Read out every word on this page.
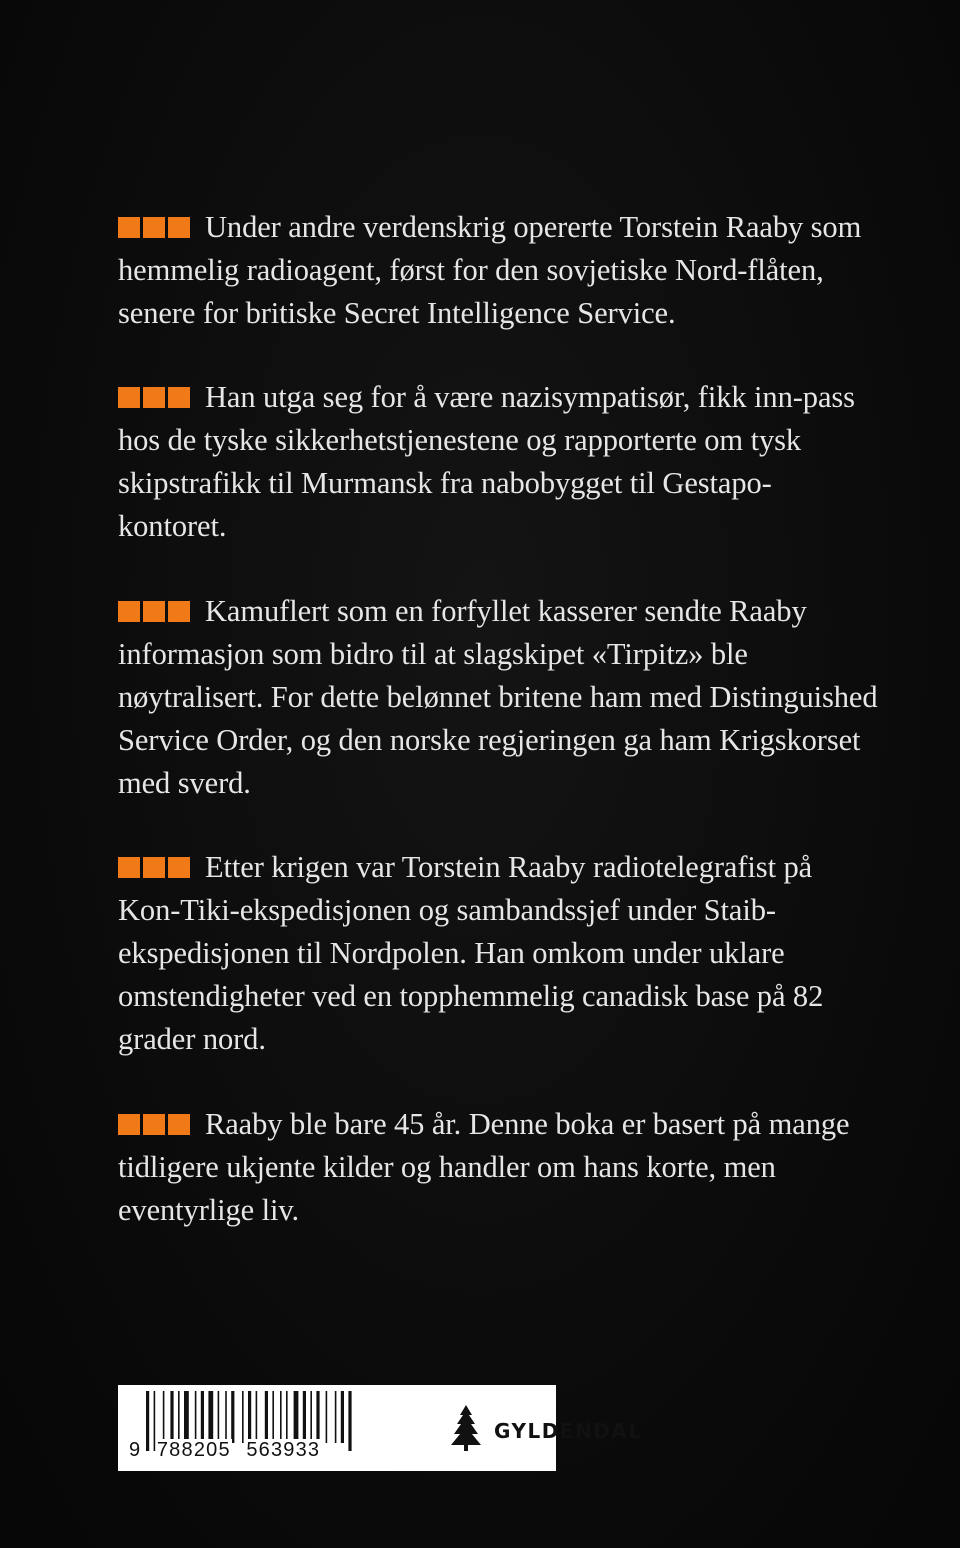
Under andre verdenskrig opererte Torstein Raaby som hemmelig radioagent, først for den sovjetiske Nord-flåten, senere for britiske Secret Intelligence Service.

Han utga seg for å være nazisympatisør, fikk inn-pass hos de tyske sikkerhetstjenestene og rapporterte om tysk skipstrafikk til Murmansk fra nabobygget til Gestapo-kontoret.

Kamuflert som en forfyllet kasserer sendte Raaby informasjon som bidro til at slagskipet «Tirpitz» ble nøytralisert. For dette belønnet britene ham med Distinguished Service Order, og den norske regjeringen ga ham Krigskorset med sverd.

Etter krigen var Torstein Raaby radiotelegrafist på Kon-Tiki-ekspedisjonen og sambandssjef under Staib-ekspedisjonen til Nordpolen. Han omkom under uklare omstendigheter ved en topphemmelig canadisk base på 82 grader nord.

Raaby ble bare 45 år. Denne boka er basert på mange tidligere ukjente kilder og handler om hans korte, men eventyrlige liv.

9 788205 563933
GYLDENDAL
